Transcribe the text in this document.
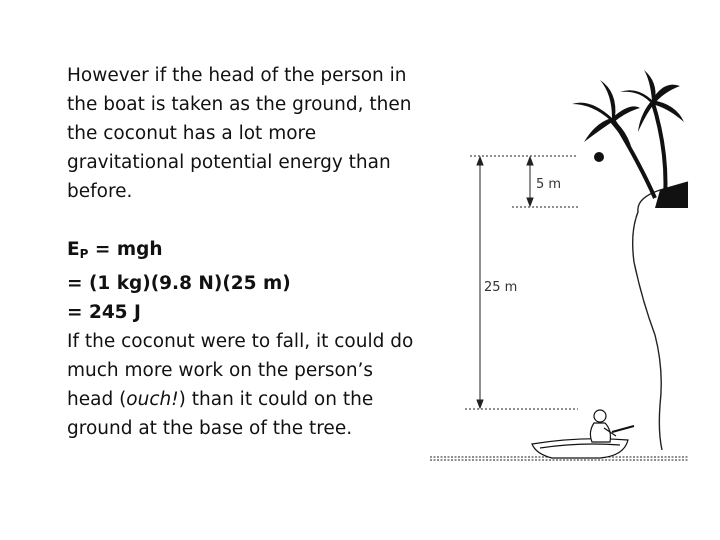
However if the head of the person in the boat is taken as the ground, then the coconut has a lot more gravitational potential energy than before.

$E_P$ = mgh
= (1 kg)(9.8 N)(25 m)
= 245 J

If the coconut were to fall, it could do much more work on the person’s head (ouch!) than it could on the ground at the base of the tree.

5 m
25 m
